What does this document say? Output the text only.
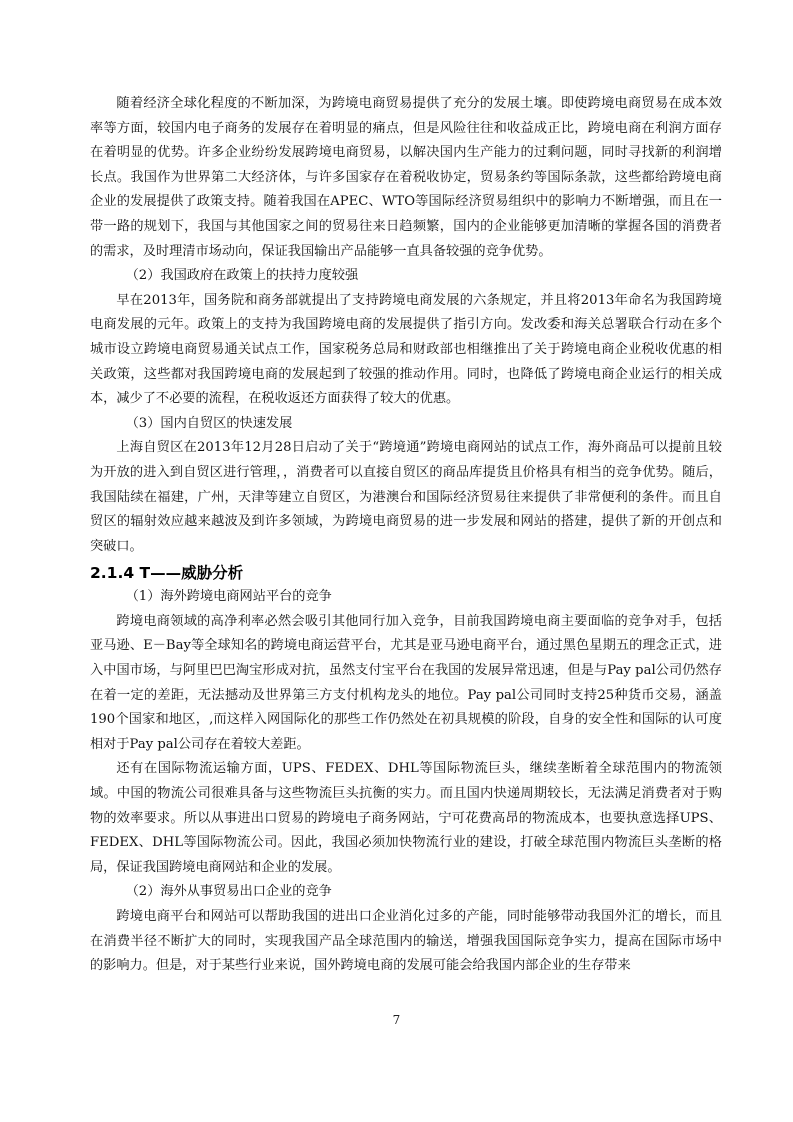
随着经济全球化程度的不断加深，为跨境电商贸易提供了充分的发展土壤。即使跨境电商贸易在成本效率等方面，较国内电子商务的发展存在着明显的痛点，但是风险往往和收益成正比，跨境电商在利润方面存在着明显的优势。许多企业纷纷发展跨境电商贸易，以解决国内生产能力的过剩问题，同时寻找新的利润增长点。我国作为世界第二大经济体，与许多国家存在着税收协定，贸易条约等国际条款，这些都给跨境电商企业的发展提供了政策支持。随着我国在APEC、WTO等国际经济贸易组织中的影响力不断增强，而且在一带一路的规划下，我国与其他国家之间的贸易往来日趋频繁，国内的企业能够更加清晰的掌握各国的消费者的需求，及时理清市场动向，保证我国输出产品能够一直具备较强的竞争优势。

（2）我国政府在政策上的扶持力度较强

早在2013年，国务院和商务部就提出了支持跨境电商发展的六条规定，并且将2013年命名为我国跨境电商发展的元年。政策上的支持为我国跨境电商的发展提供了指引方向。发改委和海关总署联合行动在多个城市设立跨境电商贸易通关试点工作，国家税务总局和财政部也相继推出了关于跨境电商企业税收优惠的相关政策，这些都对我国跨境电商的发展起到了较强的推动作用。同时，也降低了跨境电商企业运行的相关成本，减少了不必要的流程，在税收返还方面获得了较大的优惠。

（3）国内自贸区的快速发展

上海自贸区在2013年12月28日启动了关于“跨境通”跨境电商网站的试点工作，海外商品可以提前且较为开放的进入到自贸区进行管理，，消费者可以直接自贸区的商品库提货且价格具有相当的竞争优势。随后，我国陆续在福建，广州，天津等建立自贸区，为港澳台和国际经济贸易往来提供了非常便利的条件。而且自贸区的辐射效应越来越波及到许多领域，为跨境电商贸易的进一步发展和网站的搭建，提供了新的开创点和突破口。

2.1.4 T——威胁分析

（1）海外跨境电商网站平台的竞争

跨境电商领域的高净利率必然会吸引其他同行加入竞争，目前我国跨境电商主要面临的竞争对手，包括亚马逊、E－Bay等全球知名的跨境电商运营平台，尤其是亚马逊电商平台，通过黑色星期五的理念正式，进入中国市场，与阿里巴巴淘宝形成对抗，虽然支付宝平台在我国的发展异常迅速，但是与Pay pal公司仍然存在着一定的差距，无法撼动及世界第三方支付机构龙头的地位。Pay pal公司同时支持25种货币交易，涵盖190个国家和地区，,而这样入网国际化的那些工作仍然处在初具规模的阶段，自身的安全性和国际的认可度相对于Pay pal公司存在着较大差距。

还有在国际物流运输方面，UPS、FEDEX、DHL等国际物流巨头，继续垄断着全球范围内的物流领域。中国的物流公司很难具备与这些物流巨头抗衡的实力。而且国内快递周期较长，无法满足消费者对于购物的效率要求。所以从事进出口贸易的跨境电子商务网站，宁可花费高昂的物流成本，也要执意选择UPS、FEDEX、DHL等国际物流公司。因此，我国必须加快物流行业的建设，打破全球范围内物流巨头垄断的格局，保证我国跨境电商网站和企业的发展。

（2）海外从事贸易出口企业的竞争

跨境电商平台和网站可以帮助我国的进出口企业消化过多的产能，同时能够带动我国外汇的增长，而且在消费半径不断扩大的同时，实现我国产品全球范围内的输送，增强我国国际竞争实力，提高在国际市场中的影响力。但是，对于某些行业来说，国外跨境电商的发展可能会给我国内部企业的生存带来

7
